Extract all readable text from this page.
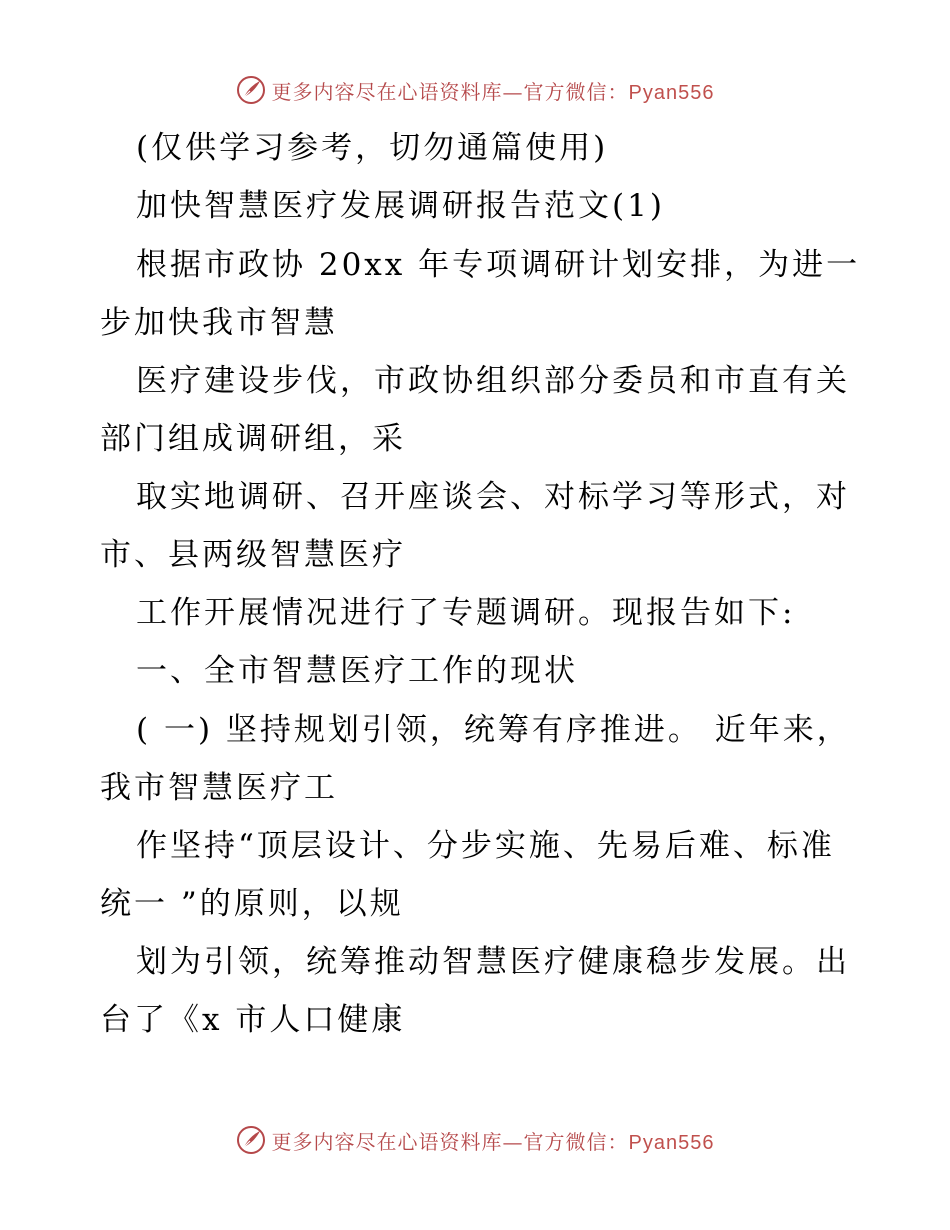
更多内容尽在心语资料库—官方微信：Pyan556
(仅供学习参考，切勿通篇使用)
加快智慧医疗发展调研报告范文(1)
根据市政协 20xx 年专项调研计划安排，为进一
步加快我市智慧
医疗建设步伐，市政协组织部分委员和市直有关
部门组成调研组，采
取实地调研、召开座谈会、对标学习等形式，对
市、县两级智慧医疗
工作开展情况进行了专题调研。现报告如下:
一、全市智慧医疗工作的现状
( 一) 坚持规划引领，统筹有序推进。 近年来，
我市智慧医疗工
作坚持“顶层设计、分步实施、先易后难、标准
统一 ”的原则，以规
划为引领，统筹推动智慧医疗健康稳步发展。出
台了《x 市人口健康
更多内容尽在心语资料库—官方微信：Pyan556
